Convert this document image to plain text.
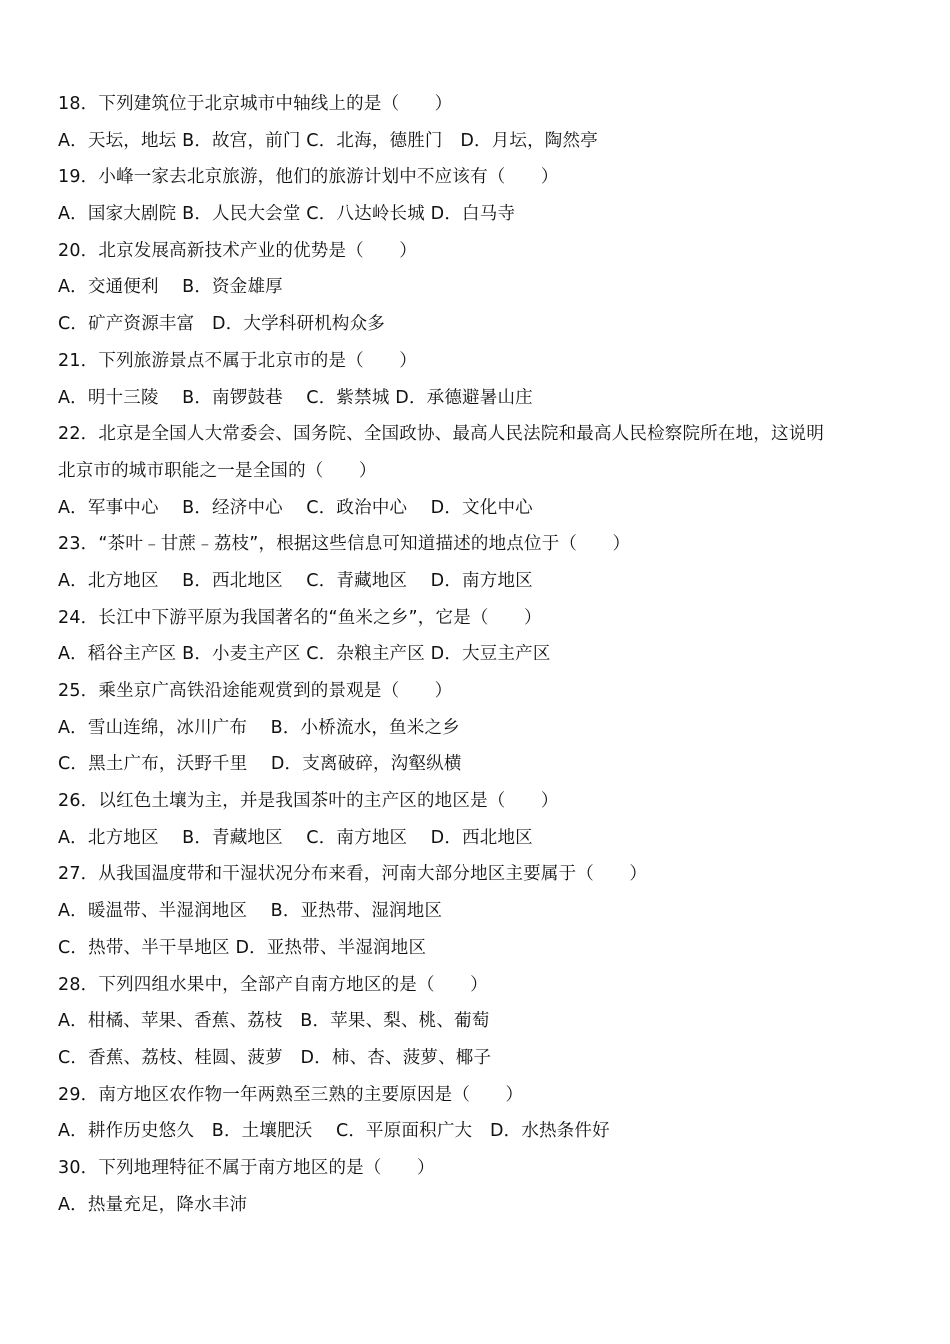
18．下列建筑位于北京城市中轴线上的是（　　）
A．天坛，地坛 B．故宫，前门 C．北海，德胜门　D．月坛，陶然亭
19．小峰一家去北京旅游，他们的旅游计划中不应该有（　　）
A．国家大剧院 B．人民大会堂 C．八达岭长城 D．白马寺
20．北京发展高新技术产业的优势是（　　）
A．交通便利　 B．资金雄厚
C．矿产资源丰富　D．大学科研机构众多
21．下列旅游景点不属于北京市的是（　　）
A．明十三陵　 B．南锣鼓巷　 C．紫禁城 D．承德避暑山庄
22．北京是全国人大常委会、国务院、全国政协、最高人民法院和最高人民检察院所在地，这说明
北京市的城市职能之一是全国的（　　）
A．军事中心　 B．经济中心　 C．政治中心　 D．文化中心
23．“茶叶﹣甘蔗﹣荔枝”，根据这些信息可知道描述的地点位于（　　）
A．北方地区　 B．西北地区　 C．青藏地区　 D．南方地区
24．长江中下游平原为我国著名的“鱼米之乡”，它是（　　）
A．稻谷主产区 B．小麦主产区 C．杂粮主产区 D．大豆主产区
25．乘坐京广高铁沿途能观赏到的景观是（　　）
A．雪山连绵，冰川广布　 B．小桥流水，鱼米之乡
C．黑土广布，沃野千里　 D．支离破碎，沟壑纵横
26．以红色土壤为主，并是我国茶叶的主产区的地区是（　　）
A．北方地区　 B．青藏地区　 C．南方地区　 D．西北地区
27．从我国温度带和干湿状况分布来看，河南大部分地区主要属于（　　）
A．暖温带、半湿润地区　 B．亚热带、湿润地区
C．热带、半干旱地区 D．亚热带、半湿润地区
28．下列四组水果中，全部产自南方地区的是（　　）
A．柑橘、苹果、香蕉、荔枝　B．苹果、梨、桃、葡萄
C．香蕉、荔枝、桂圆、菠萝　D．柿、杏、菠萝、椰子
29．南方地区农作物一年两熟至三熟的主要原因是（　　）
A．耕作历史悠久　B．土壤肥沃　 C．平原面积广大　D．水热条件好
30．下列地理特征不属于南方地区的是（　　）
A．热量充足，降水丰沛
